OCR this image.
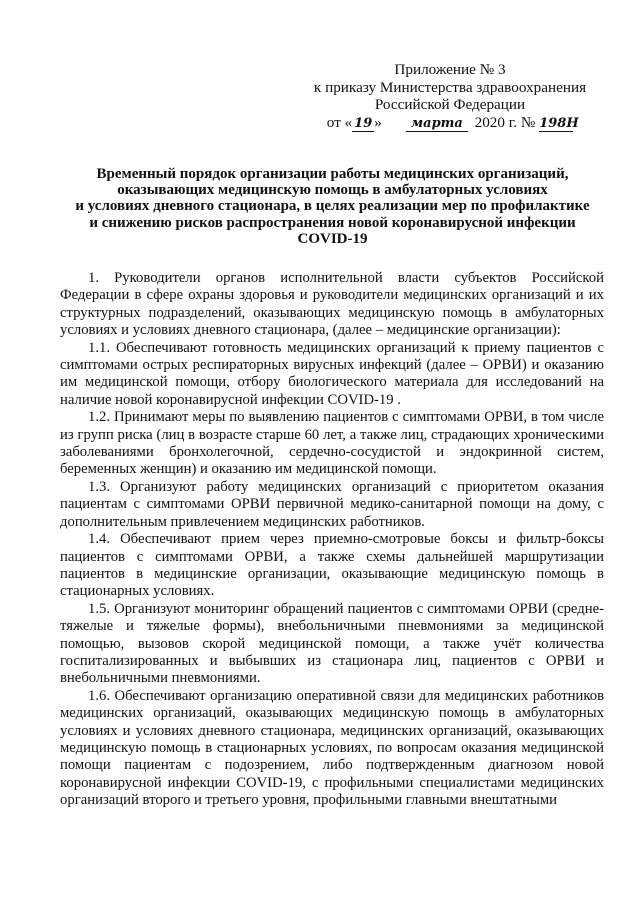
Приложение № 3
к приказу Министерства здравоохранения
Российской Федерации
от « 19 » марта 2020 г. № 198Н
Временный порядок организации работы медицинских организаций,
оказывающих медицинскую помощь в амбулаторных условиях
и условиях дневного стационара, в целях реализации мер по профилактике
и снижению рисков распространения новой коронавирусной инфекции
COVID-19

1. Руководители органов исполнительной власти субъектов Российской Федерации в сфере охраны здоровья и руководители медицинских организаций и их структурных подразделений, оказывающих медицинскую помощь в амбулаторных условиях и условиях дневного стационара, (далее – медицинские организации):

1.1. Обеспечивают готовность медицинских организаций к приему пациентов с симптомами острых респираторных вирусных инфекций (далее – ОРВИ) и оказанию им медицинской помощи, отбору биологического материала для исследований на наличие новой коронавирусной инфекции COVID-19 .

1.2. Принимают меры по выявлению пациентов с симптомами ОРВИ, в том числе из групп риска (лиц в возрасте старше 60 лет, а также лиц, страдающих хроническими заболеваниями бронхолегочной, сердечно-сосудистой и эндокринной систем, беременных женщин) и оказанию им медицинской помощи.

1.3. Организуют работу медицинских организаций с приоритетом оказания пациентам с симптомами ОРВИ первичной медико-санитарной помощи на дому, с дополнительным привлечением медицинских работников.

1.4. Обеспечивают прием через приемно-смотровые боксы и фильтр-боксы пациентов с симптомами ОРВИ, а также схемы дальнейшей маршрутизации пациентов в медицинские организации, оказывающие медицинскую помощь в стационарных условиях.

1.5. Организуют мониторинг обращений пациентов с симптомами ОРВИ (средне-тяжелые и тяжелые формы), внебольничными пневмониями за медицинской помощью, вызовов скорой медицинской помощи, а также учёт количества госпитализированных и выбывших из стационара лиц, пациентов с ОРВИ и внебольничными пневмониями.

1.6. Обеспечивают организацию оперативной связи для медицинских работников медицинских организаций, оказывающих медицинскую помощь в амбулаторных условиях и условиях дневного стационара, медицинских организаций, оказывающих медицинскую помощь в стационарных условиях, по вопросам оказания медицинской помощи пациентам с подозрением, либо подтвержденным диагнозом новой коронавирусной инфекции COVID-19, с профильными специалистами медицинских организаций второго и третьего уровня, профильными главными внештатными
